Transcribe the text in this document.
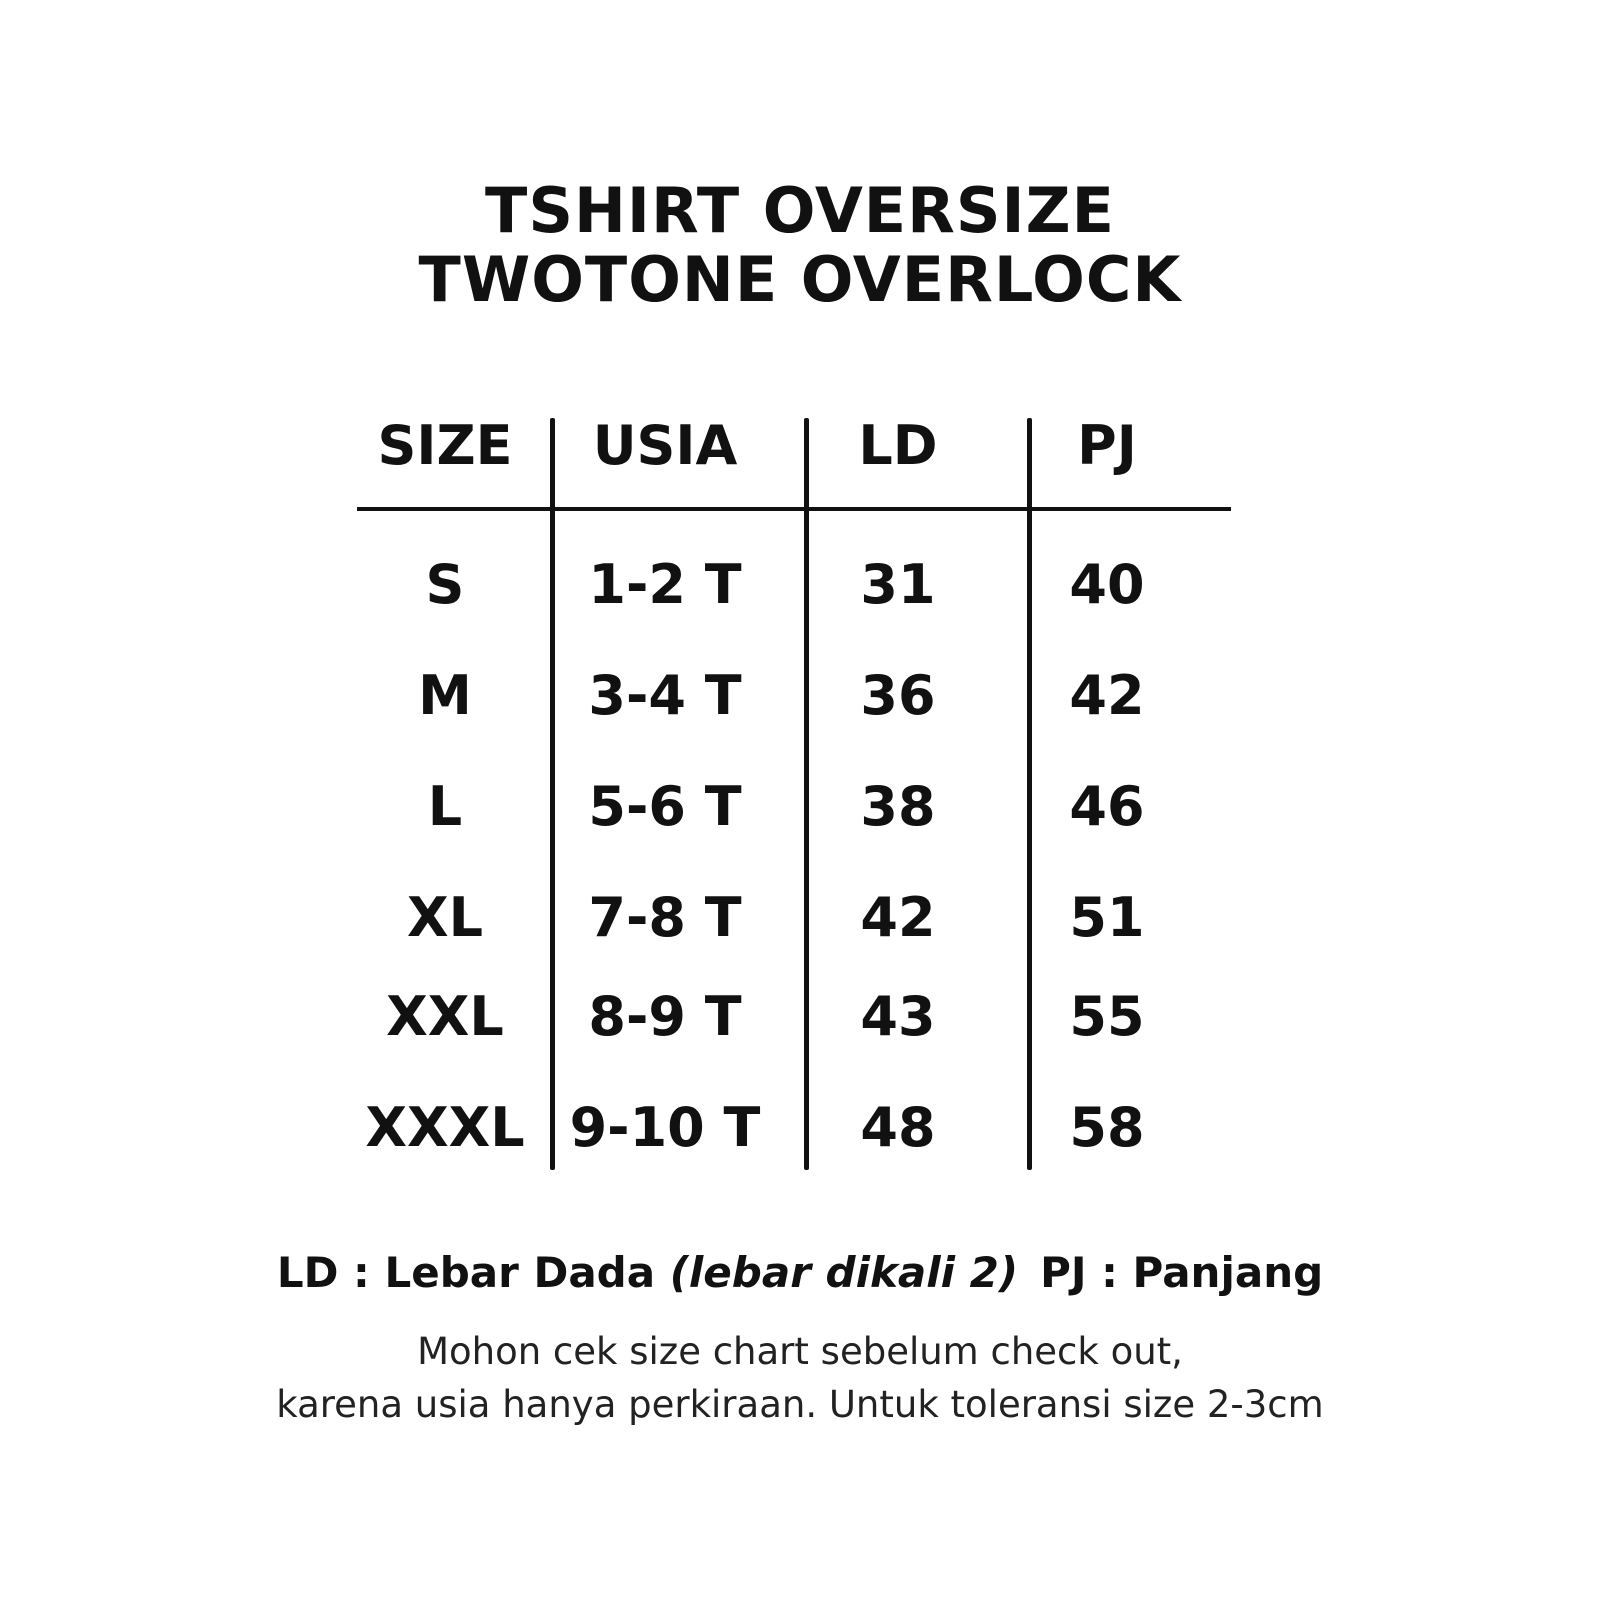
TSHIRT OVERSIZE
TWOTONE OVERLOCK
SIZE	USIA	LD	PJ
S	1-2 T	31	40
M	3-4 T	36	42
L	5-6 T	38	46
XL	7-8 T	42	51
XXL	8-9 T	43	55
XXXL 9-10 T	48	58
LD : Lebar Dada (lebar dikali 2) PJ : Panjang
Mohon cek size chart sebelum check out,
karena usia hanya perkiraan. Untuk toleransi size 2-3cm
